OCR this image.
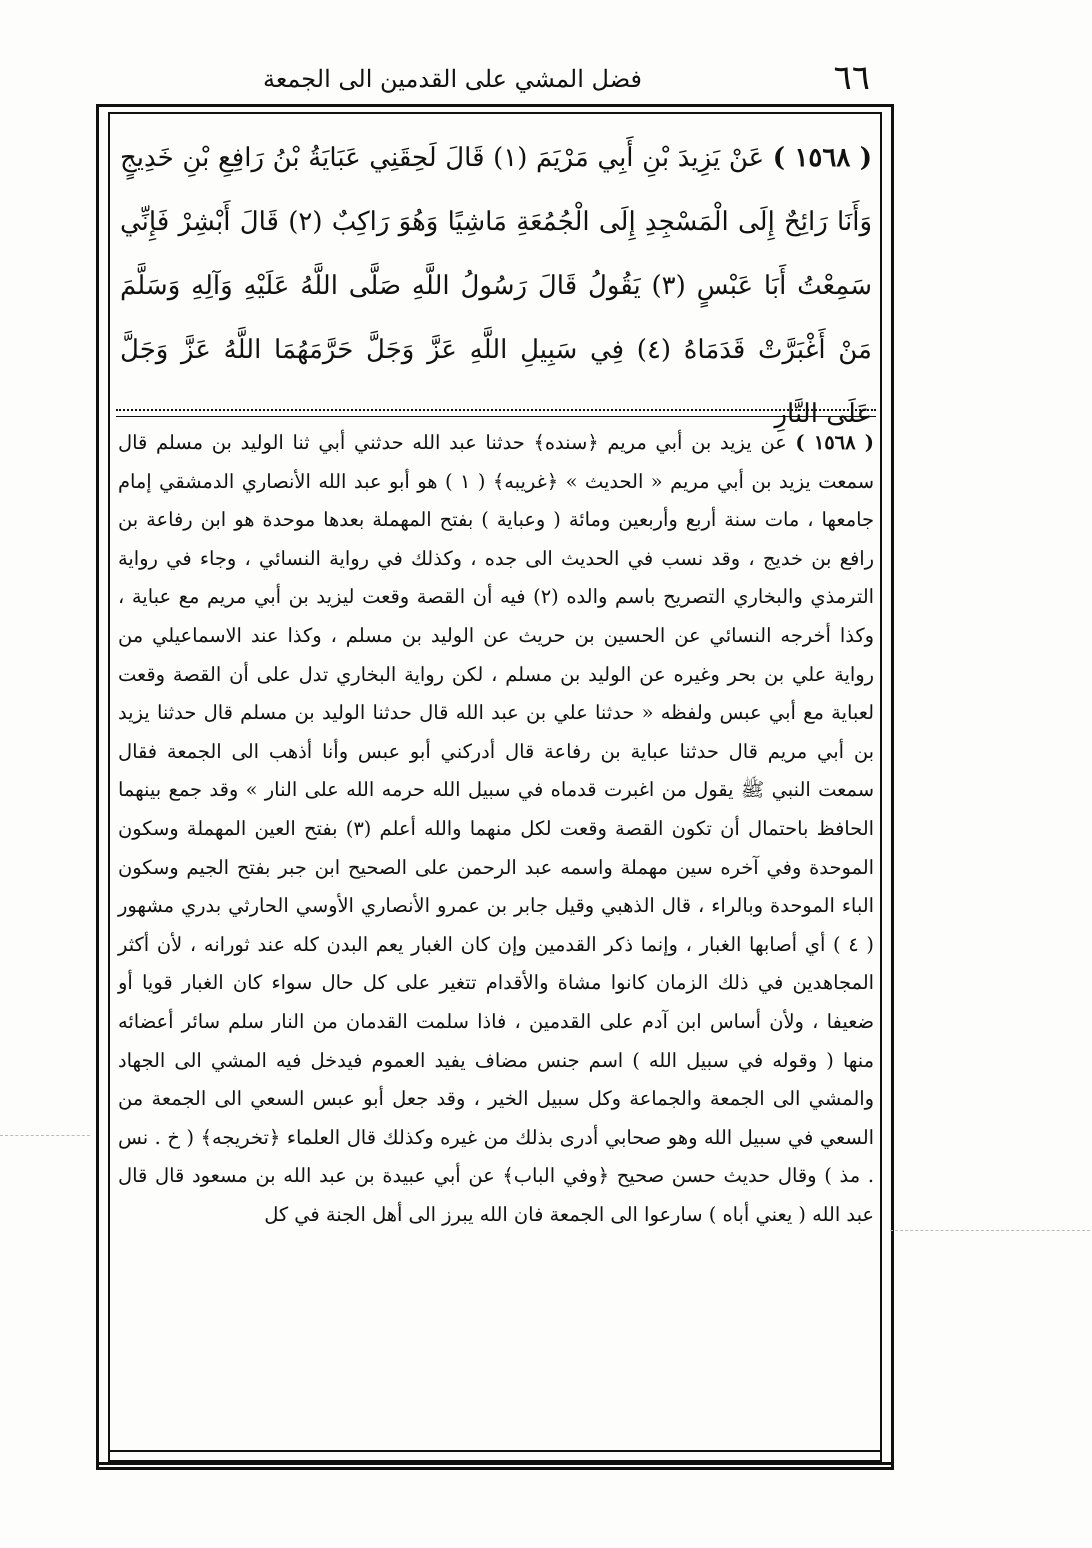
٦٦
فضل المشي على القدمين الى الجمعة
( ١٥٦٨ ) عَنْ يَزِيدَ بْنِ أَبِي مَرْيَمَ (١) قَالَ لَحِقَنِي عَبَايَةُ بْنُ رَافِعِ بْنِ خَدِيجٍ وَأَنَا رَائِحٌ إِلَى الْمَسْجِدِ إِلَى الْجُمُعَةِ مَاشِيًا وَهُوَ رَاكِبٌ (٢) قَالَ أَبْشِرْ فَإِنِّي سَمِعْتُ أَبَا عَبْسٍ (٣) يَقُولُ قَالَ رَسُولُ اللَّهِ صَلَّى اللَّهُ عَلَيْهِ وَآلِهِ وَسَلَّمَ مَنْ أَغْبَرَّتْ قَدَمَاهُ (٤) فِي سَبِيلِ اللَّهِ عَزَّ وَجَلَّ حَرَّمَهُمَا اللَّهُ عَزَّ وَجَلَّ عَلَى النَّارِ

( ١٥٦٨ ) عن يزيد بن أبي مريم ﴿سنده﴾ حدثنا عبد الله حدثني أبي ثنا الوليد بن مسلم قال سمعت يزيد بن أبي مريم « الحديث » ﴿غريبه﴾ ( ١ ) هو أبو عبد الله الأنصاري الدمشقي إمام جامعها ، مات سنة أربع وأربعين ومائة ( وعباية ) بفتح المهملة بعدها موحدة هو ابن رفاعة بن رافع بن خديج ، وقد نسب في الحديث الى جده ، وكذلك في رواية النسائي ، وجاء في رواية الترمذي والبخاري التصريح باسم والده (٢) فيه أن القصة وقعت ليزيد بن أبي مريم مع عباية ، وكذا أخرجه النسائي عن الحسين بن حريث عن الوليد بن مسلم ، وكذا عند الاسماعيلي من رواية علي بن بحر وغيره عن الوليد بن مسلم ، لكن رواية البخاري تدل على أن القصة وقعت لعباية مع أبي عبس ولفظه « حدثنا علي بن عبد الله قال حدثنا الوليد بن مسلم قال حدثنا يزيد بن أبي مريم قال حدثنا عباية بن رفاعة قال أدركني أبو عبس وأنا أذهب الى الجمعة فقال سمعت النبي ﷺ يقول من اغبرت قدماه في سبيل الله حرمه الله على النار » وقد جمع بينهما الحافظ باحتمال أن تكون القصة وقعت لكل منهما والله أعلم (٣) بفتح العين المهملة وسكون الموحدة وفي آخره سين مهملة واسمه عبد الرحمن على الصحيح ابن جبر بفتح الجيم وسكون الباء الموحدة وبالراء ، قال الذهبي وقيل جابر بن عمرو الأنصاري الأوسي الحارثي بدري مشهور ( ٤ ) أي أصابها الغبار ، وإنما ذكر القدمين وإن كان الغبار يعم البدن كله عند ثورانه ، لأن أكثر المجاهدين في ذلك الزمان كانوا مشاة والأقدام تتغير على كل حال سواء كان الغبار قويا أو ضعيفا ، ولأن أساس ابن آدم على القدمين ، فاذا سلمت القدمان من النار سلم سائر أعضائه منها ( وقوله في سبيل الله ) اسم جنس مضاف يفيد العموم فيدخل فيه المشي الى الجهاد والمشي الى الجمعة والجماعة وكل سبيل الخير ، وقد جعل أبو عبس السعي الى الجمعة من السعي في سبيل الله وهو صحابي أدرى بذلك من غيره وكذلك قال العلماء ﴿تخريجه﴾ ( خ . نس . مذ ) وقال حديث حسن صحيح ﴿وفي الباب﴾ عن أبي عبيدة بن عبد الله بن مسعود قال قال عبد الله ( يعني أباه ) سارعوا الى الجمعة فان الله يبرز الى أهل الجنة في كل
